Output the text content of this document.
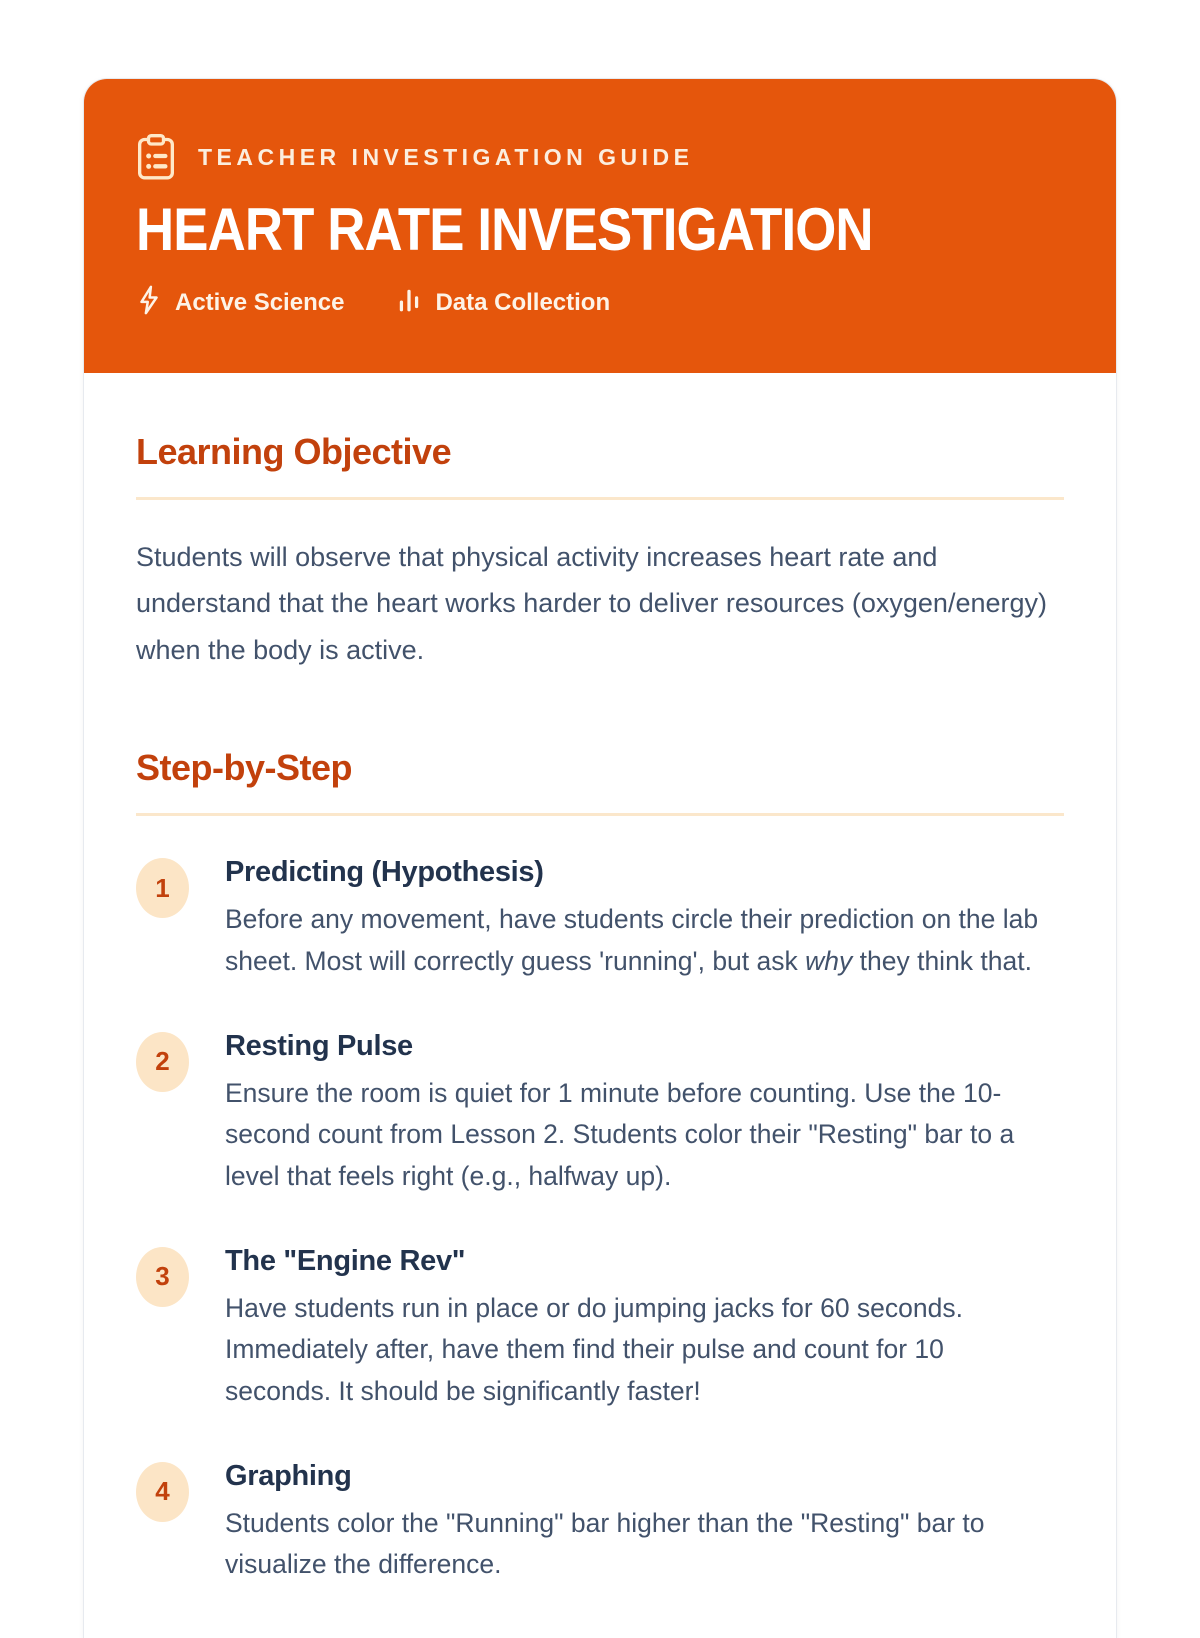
TEACHER INVESTIGATION GUIDE
HEART RATE INVESTIGATION
Active Science	Data Collection
Learning Objective

Students will observe that physical activity increases heart rate and understand that the heart works harder to deliver resources (oxygen/energy) when the body is active.

Step-by-Step
1	Predicting (Hypothesis)

Before any movement, have students circle their prediction on the lab sheet. Most will correctly guess 'running', but ask why they think that.

2	Resting Pulse

Ensure the room is quiet for 1 minute before counting. Use the 10-second count from Lesson 2. Students color their "Resting" bar to a level that feels right (e.g., halfway up).

3	The "Engine Rev"

Have students run in place or do jumping jacks for 60 seconds. Immediately after, have them find their pulse and count for 10 seconds. It should be significantly faster!

4	Graphing

Students color the "Running" bar higher than the "Resting" bar to visualize the difference.
